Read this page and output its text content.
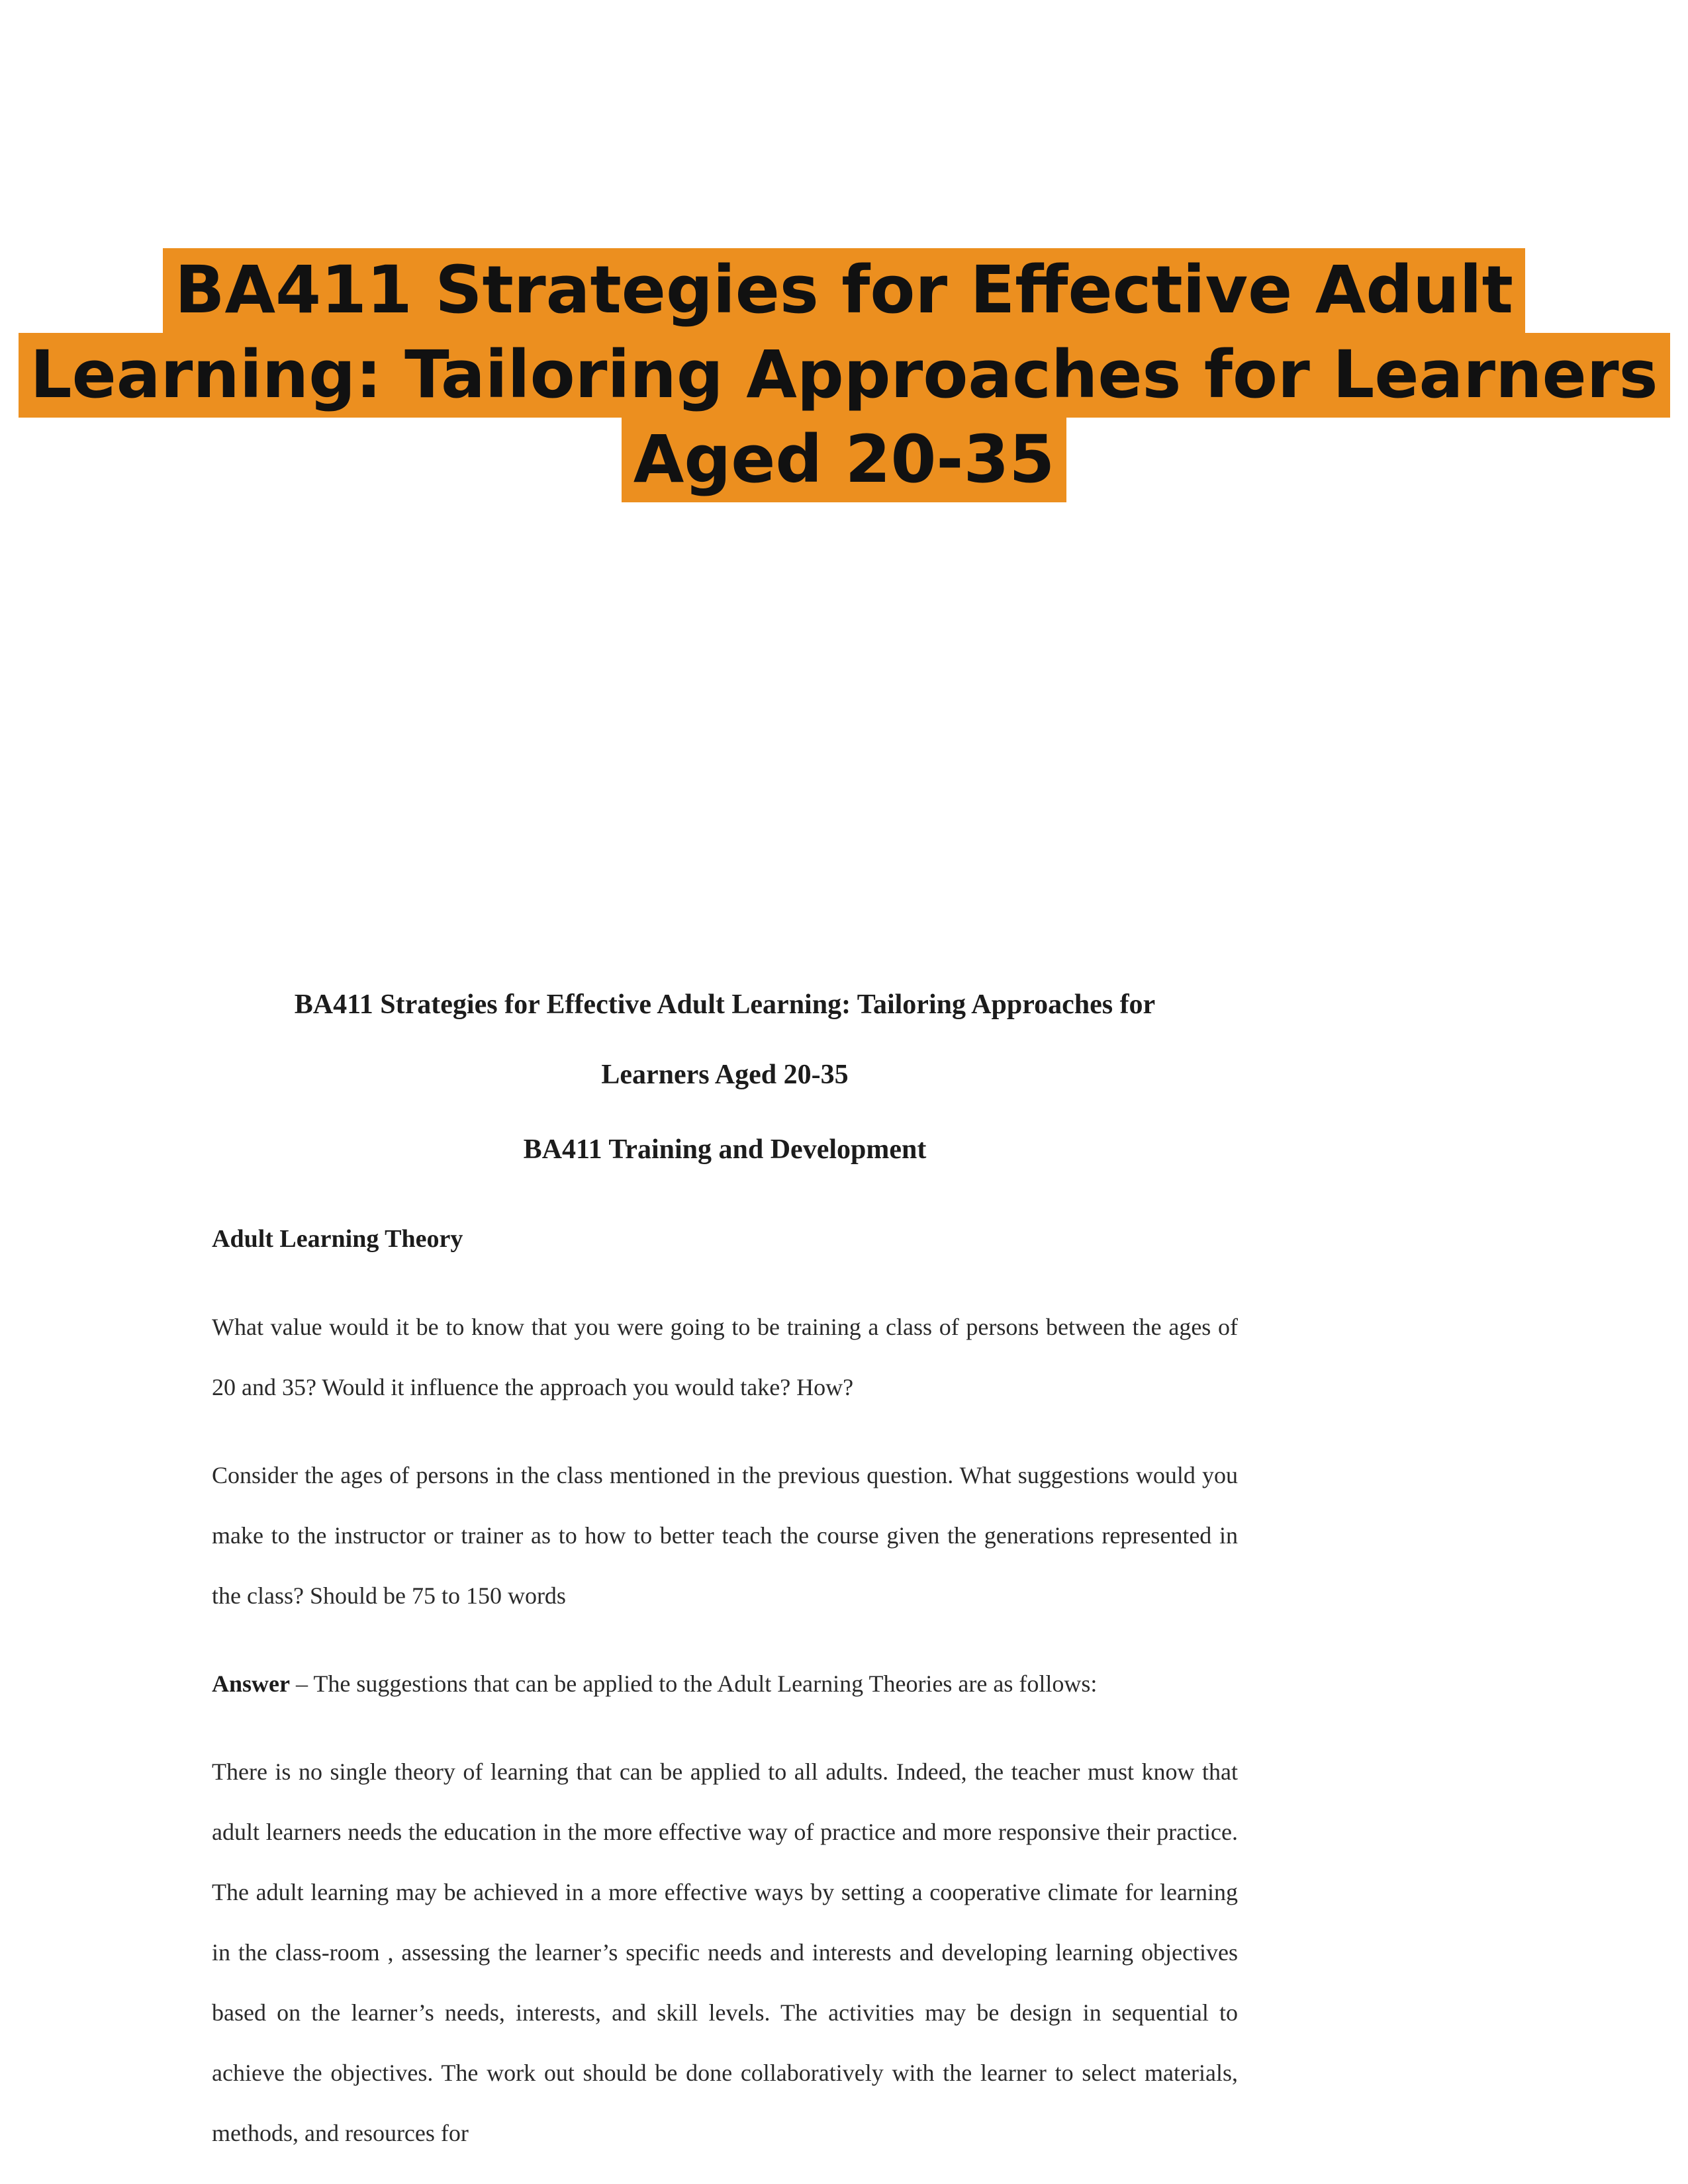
BA411 Strategies for Effective Adult
Learning: Tailoring Approaches for Learners
Aged 20-35
BA411 Strategies for Effective Adult Learning: Tailoring Approaches for
Learners Aged 20-35
BA411 Training and Development
Adult Learning Theory

What value would it be to know that you were going to be training a class of persons between the ages of 20 and 35? Would it influence the approach you would take? How?

Consider the ages of persons in the class mentioned in the previous question. What suggestions would you make to the instructor or trainer as to how to better teach the course given the generations represented in the class? Should be 75 to 150 words

Answer – The suggestions that can be applied to the Adult Learning Theories are as follows:

There is no single theory of learning that can be applied to all adults. Indeed, the teacher must know that adult learners needs the education in the more effective way of practice and more responsive their practice. The adult learning may be achieved in a more effective ways by setting a cooperative climate for learning in the class-room , assessing the learner’s specific needs and interests and developing learning objectives based on the learner’s needs, interests, and skill levels. The activities may be design in sequential to achieve the objectives. The work out should be done collaboratively with the learner to select materials, methods, and resources for
